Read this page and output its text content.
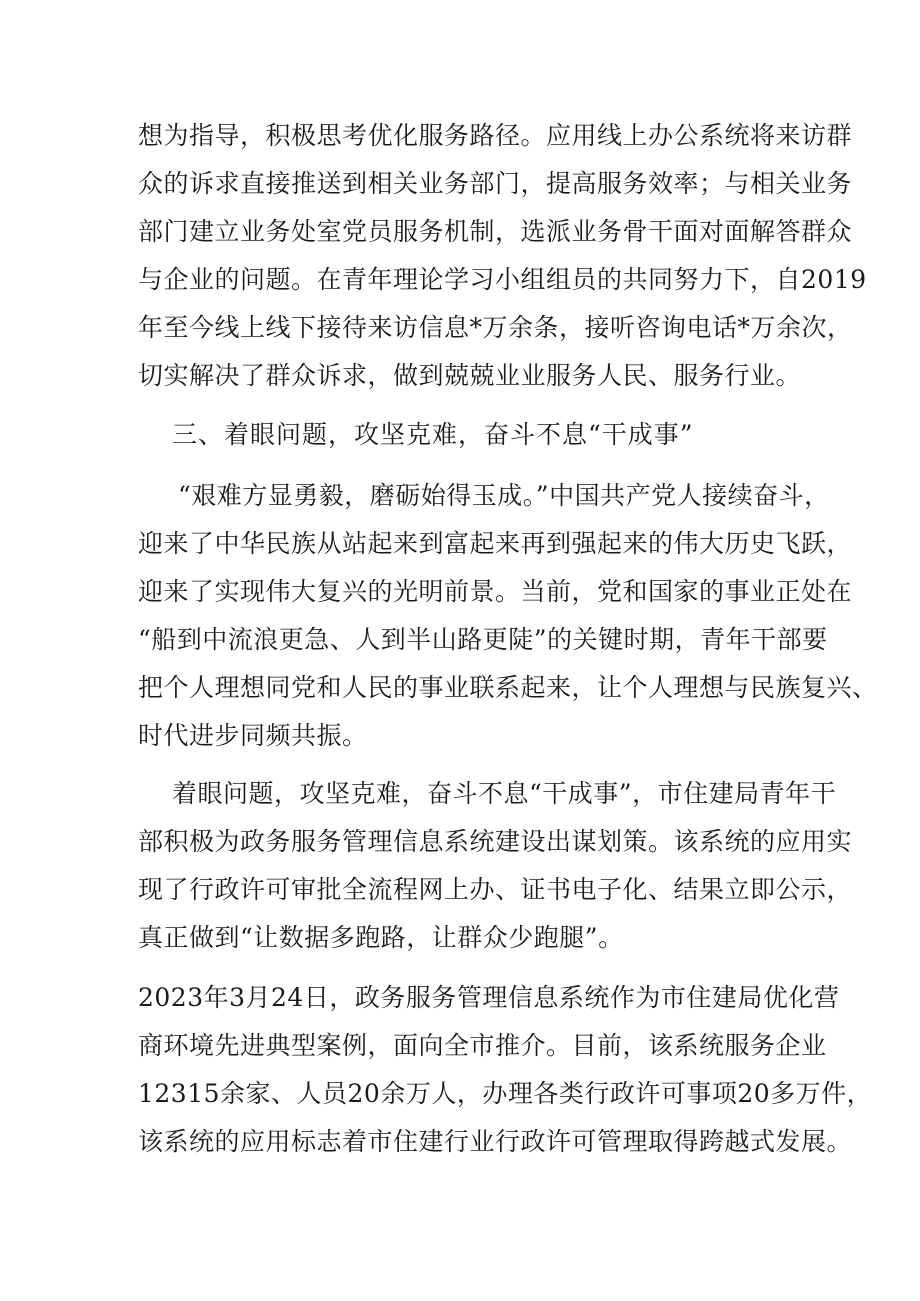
想为指导，积极思考优化服务路径。应用线上办公系统将来访群
众的诉求直接推送到相关业务部门，提高服务效率；与相关业务
部门建立业务处室党员服务机制，选派业务骨干面对面解答群众
与企业的问题。在青年理论学习小组组员的共同努力下，自2019
年至今线上线下接待来访信息*万余条，接听咨询电话*万余次，
切实解决了群众诉求，做到兢兢业业服务人民、服务行业。
三、着眼问题，攻坚克难，奋斗不息“干成事”
“艰难方显勇毅，磨砺始得玉成。”中国共产党人接续奋斗，
迎来了中华民族从站起来到富起来再到强起来的伟大历史飞跃，
迎来了实现伟大复兴的光明前景。当前，党和国家的事业正处在
“船到中流浪更急、人到半山路更陡”的关键时期，青年干部要
把个人理想同党和人民的事业联系起来，让个人理想与民族复兴、
时代进步同频共振。
着眼问题，攻坚克难，奋斗不息“干成事”，市住建局青年干
部积极为政务服务管理信息系统建设出谋划策。该系统的应用实
现了行政许可审批全流程网上办、证书电子化、结果立即公示，
真正做到“让数据多跑路，让群众少跑腿”。
2023年3月24日，政务服务管理信息系统作为市住建局优化营
商环境先进典型案例，面向全市推介。目前，该系统服务企业
12315余家、人员20余万人，办理各类行政许可事项20多万件，
该系统的应用标志着市住建行业行政许可管理取得跨越式发展。
